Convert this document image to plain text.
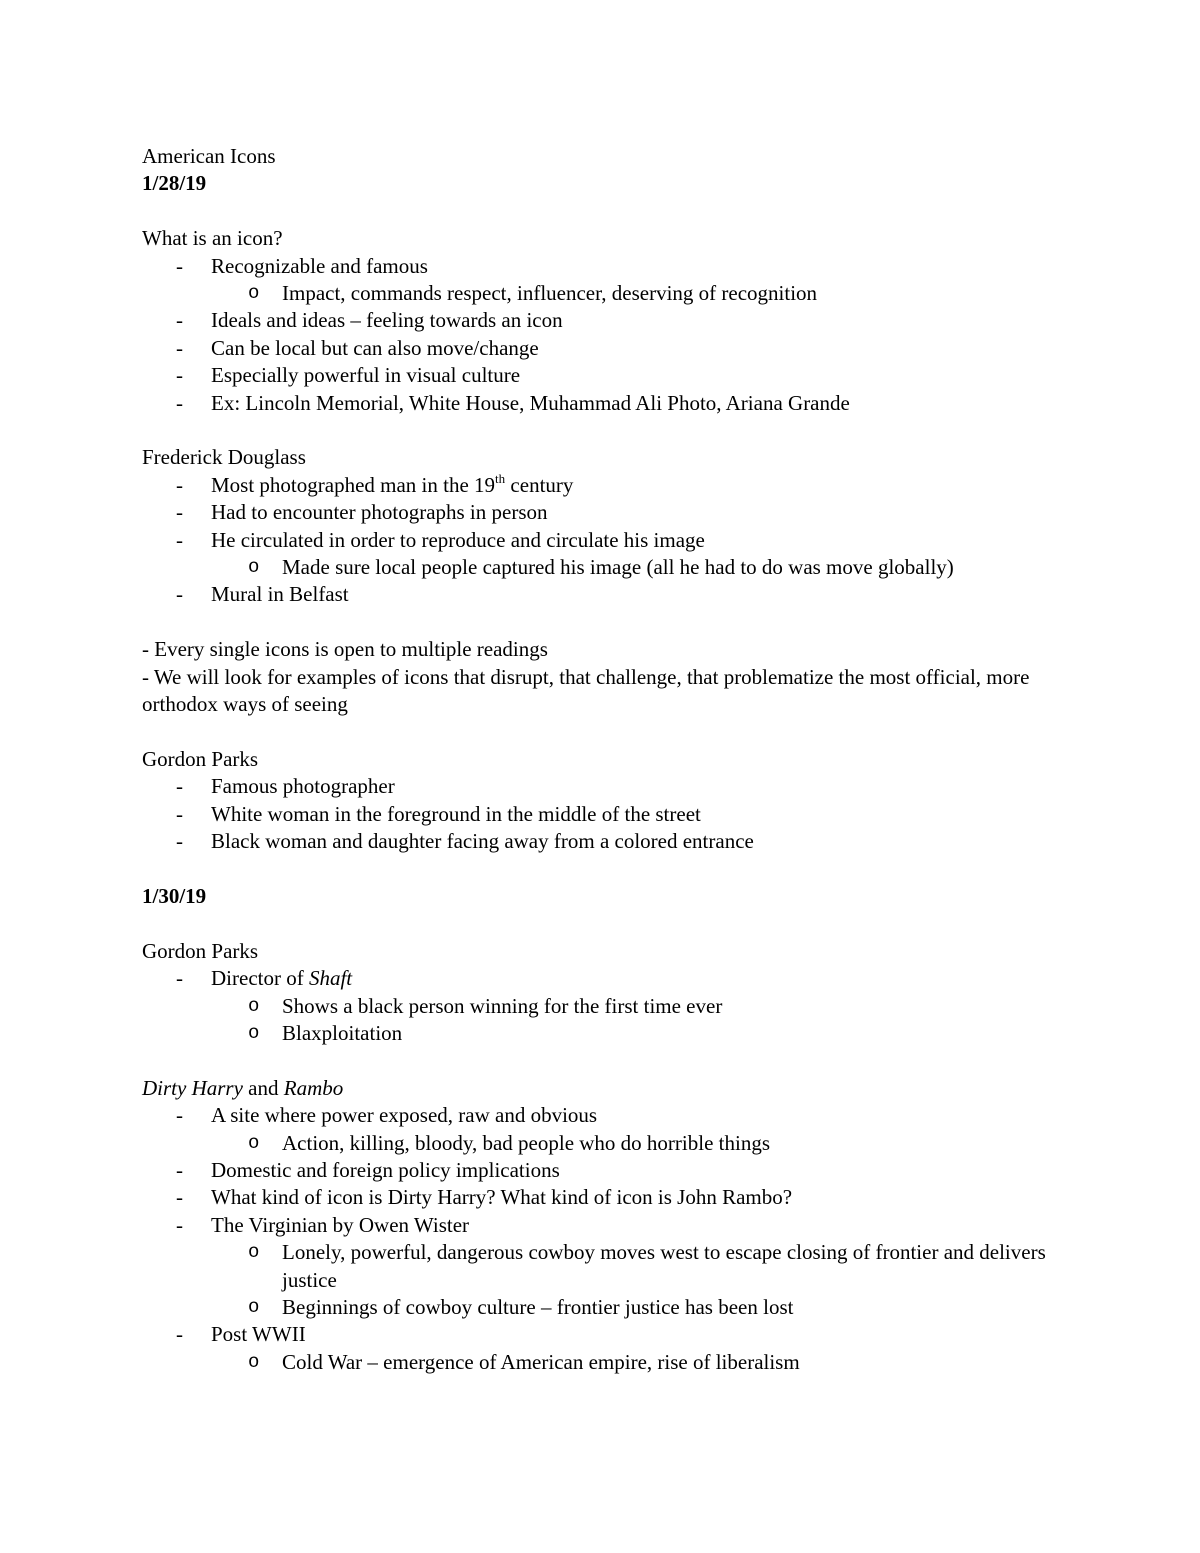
American Icons
1/28/19
What is an icon?
- Recognizable and famous
o Impact, commands respect, influencer, deserving of recognition
- Ideals and ideas – feeling towards an icon
- Can be local but can also move/change
- Especially powerful in visual culture
- Ex: Lincoln Memorial, White House, Muhammad Ali Photo, Ariana Grande
Frederick Douglass
- Most photographed man in the 19th century
- Had to encounter photographs in person
- He circulated in order to reproduce and circulate his image
o Made sure local people captured his image (all he had to do was move globally)
- Mural in Belfast
- Every single icons is open to multiple readings
- We will look for examples of icons that disrupt, that challenge, that problematize the most official, more orthodox ways of seeing
Gordon Parks
- Famous photographer
- White woman in the foreground in the middle of the street
- Black woman and daughter facing away from a colored entrance
1/30/19
Gordon Parks
- Director of Shaft
o Shows a black person winning for the first time ever
o Blaxploitation
Dirty Harry and Rambo
- A site where power exposed, raw and obvious
o Action, killing, bloody, bad people who do horrible things
- Domestic and foreign policy implications
- What kind of icon is Dirty Harry? What kind of icon is John Rambo?
- The Virginian by Owen Wister
o Lonely, powerful, dangerous cowboy moves west to escape closing of frontier and delivers justice
o Beginnings of cowboy culture – frontier justice has been lost
- Post WWII
o Cold War – emergence of American empire, rise of liberalism
